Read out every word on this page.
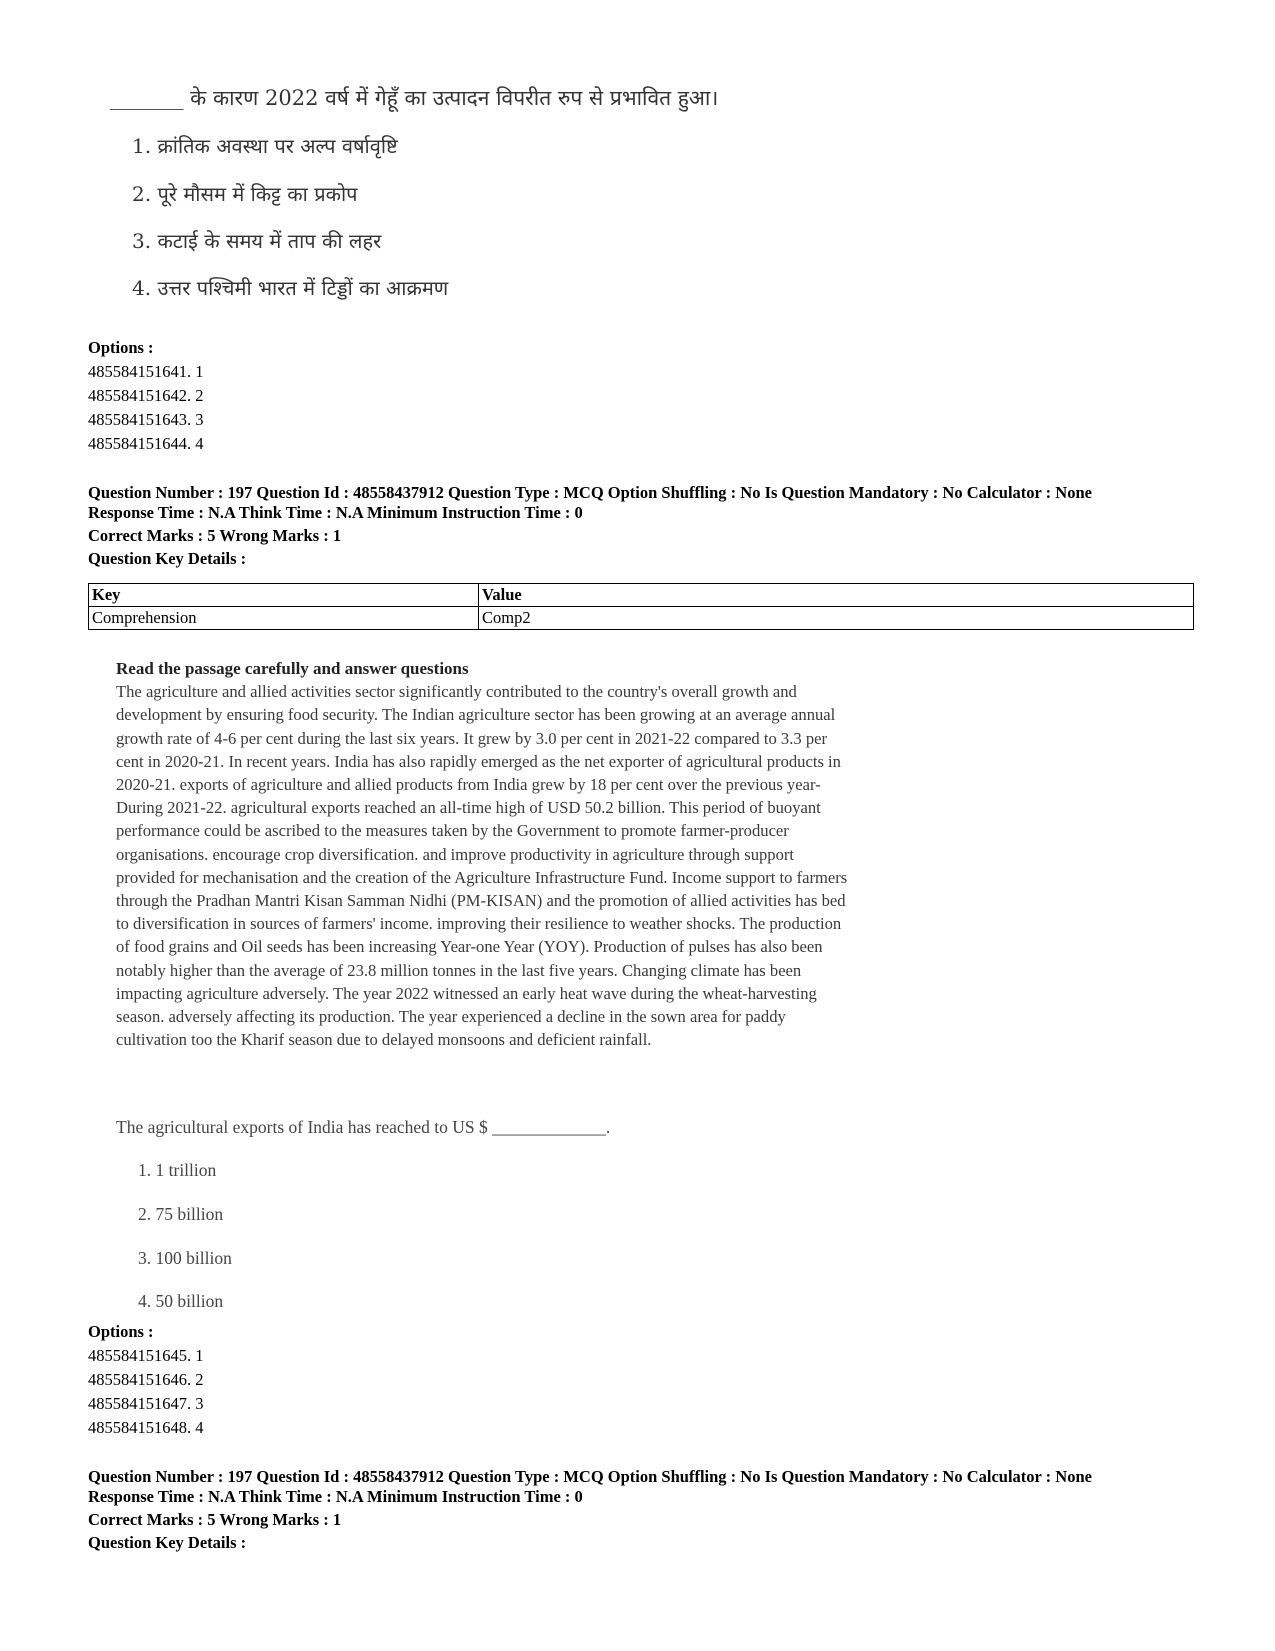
_______ के कारण 2022 वर्ष में गेहूँ का उत्पादन विपरीत रुप से प्रभावित हुआ।
1. क्रांतिक अवस्था पर अल्प वर्षावृष्टि
2. पूरे मौसम में किट्ट का प्रकोप
3. कटाई के समय में ताप की लहर
4. उत्तर पश्चिमी भारत में टिड्डों का आक्रमण
Options :
485584151641. 1
485584151642. 2
485584151643. 3
485584151644. 4
Question Number : 197 Question Id : 48558437912 Question Type : MCQ Option Shuffling : No Is Question Mandatory : No Calculator : None
Response Time : N.A Think Time : N.A Minimum Instruction Time : 0
Correct Marks : 5 Wrong Marks : 1
Question Key Details :
Key	Value
Comprehension	Comp2
Read the passage carefully and answer questions
The agriculture and allied activities sector significantly contributed to the country's overall growth and
development by ensuring food security. The Indian agriculture sector has been growing at an average annual
growth rate of 4-6 per cent during the last six years. It grew by 3.0 per cent in 2021-22 compared to 3.3 per
cent in 2020-21. In recent years. India has also rapidly emerged as the net exporter of agricultural products in
2020-21. exports of agriculture and allied products from India grew by 18 per cent over the previous year-
During 2021-22. agricultural exports reached an all-time high of USD 50.2 billion. This period of buoyant
performance could be ascribed to the measures taken by the Government to promote farmer-producer
organisations. encourage crop diversification. and improve productivity in agriculture through support
provided for mechanisation and the creation of the Agriculture Infrastructure Fund. Income support to farmers
through the Pradhan Mantri Kisan Samman Nidhi (PM-KISAN) and the promotion of allied activities has bed
to diversification in sources of farmers' income. improving their resilience to weather shocks. The production
of food grains and Oil seeds has been increasing Year-one Year (YOY). Production of pulses has also been
notably higher than the average of 23.8 million tonnes in the last five years. Changing climate has been
impacting agriculture adversely. The year 2022 witnessed an early heat wave during the wheat-harvesting
season. adversely affecting its production. The year experienced a decline in the sown area for paddy
cultivation too the Kharif season due to delayed monsoons and deficient rainfall.
The agricultural exports of India has reached to US $ _____________.
1. 1 trillion
2. 75 billion
3. 100 billion
4. 50 billion
Options :
485584151645. 1
485584151646. 2
485584151647. 3
485584151648. 4
Question Number : 197 Question Id : 48558437912 Question Type : MCQ Option Shuffling : No Is Question Mandatory : No Calculator : None
Response Time : N.A Think Time : N.A Minimum Instruction Time : 0
Correct Marks : 5 Wrong Marks : 1
Question Key Details :
